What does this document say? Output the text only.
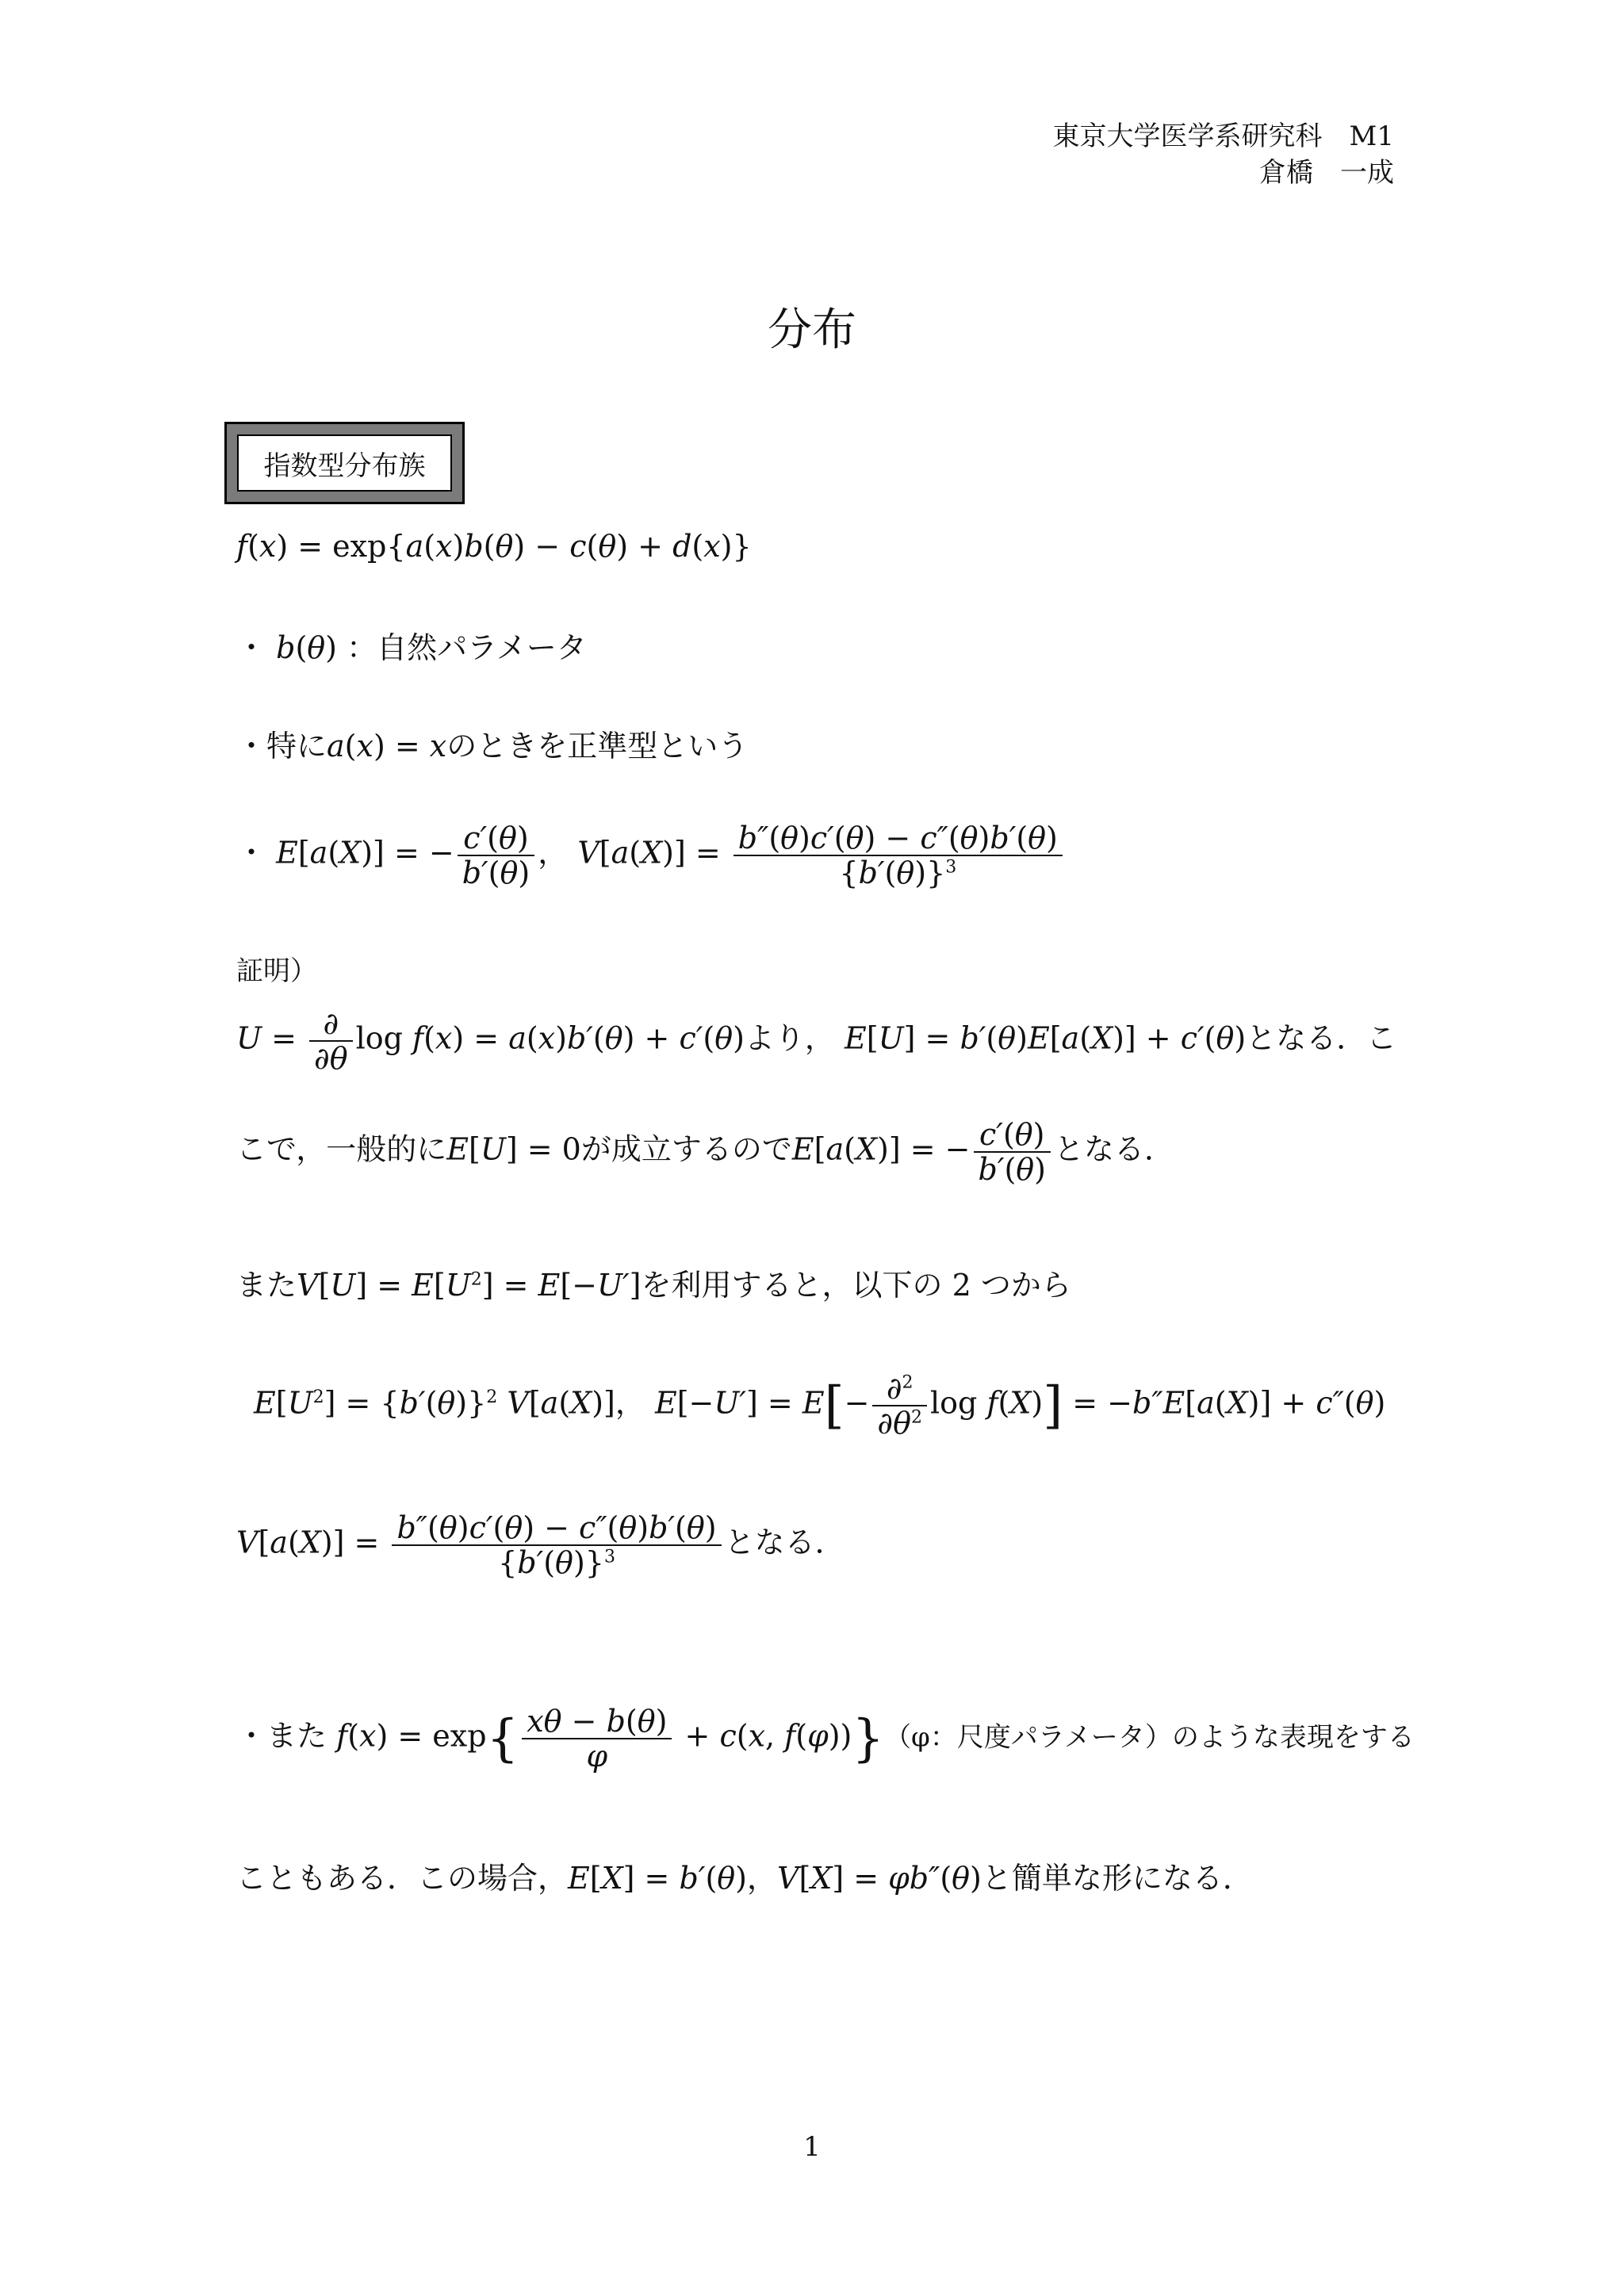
東京大学医学系研究科　M1
倉橋　一成
分布
指数型分布族
f(x) = exp{a(x)b(θ) − c(θ) + d(x)}
・ b(θ) ：自然パラメータ
・特にa(x) = xのときを正準型という
・ E[a(X)] = − $\frac{c'(\theta)}{b'(\theta)}$ ， $V[a(X)] = \frac{b''(\theta)c'(\theta) - c''(\theta)b'(\theta)}{\{b'(\theta)\}^3}$
証明）
$U = \frac{\partial}{\partial\theta}$ log f(x) = a(x)b′(θ) + c′(θ)より， E[U] = b′(θ)E[a(X)] + c′(θ)となる．こ
こで，一般的にE[U] = 0が成立するのでE[a(X)] = − $\frac{c'(\theta)}{b'(\theta)}$ となる．
また$V[U] = E[U^2] = E[-U']$を利用すると，以下の 2 つから
$E[U^2] = \{b'(\theta)\}^2$ V[a(X)]， $E[-U'] = E[- \frac{\partial^2}{\partial\theta^2}$ log f(X)] = −b″E[a(X)] + c″(θ)
$V[a(X)] = \frac{b''(\theta)c'(\theta) - c''(\theta)b'(\theta)}{\{b'(\theta)\}^3}$ となる．
・また $f(x) = \exp\{ \frac{x\theta - b(\theta)}{\varphi} + c(x$, f(φ))}（φ：尺度パラメータ）のような表現をする
こともある．この場合，E[X] = b′(θ)，V[X] = φb″(θ)と簡単な形になる．
1
